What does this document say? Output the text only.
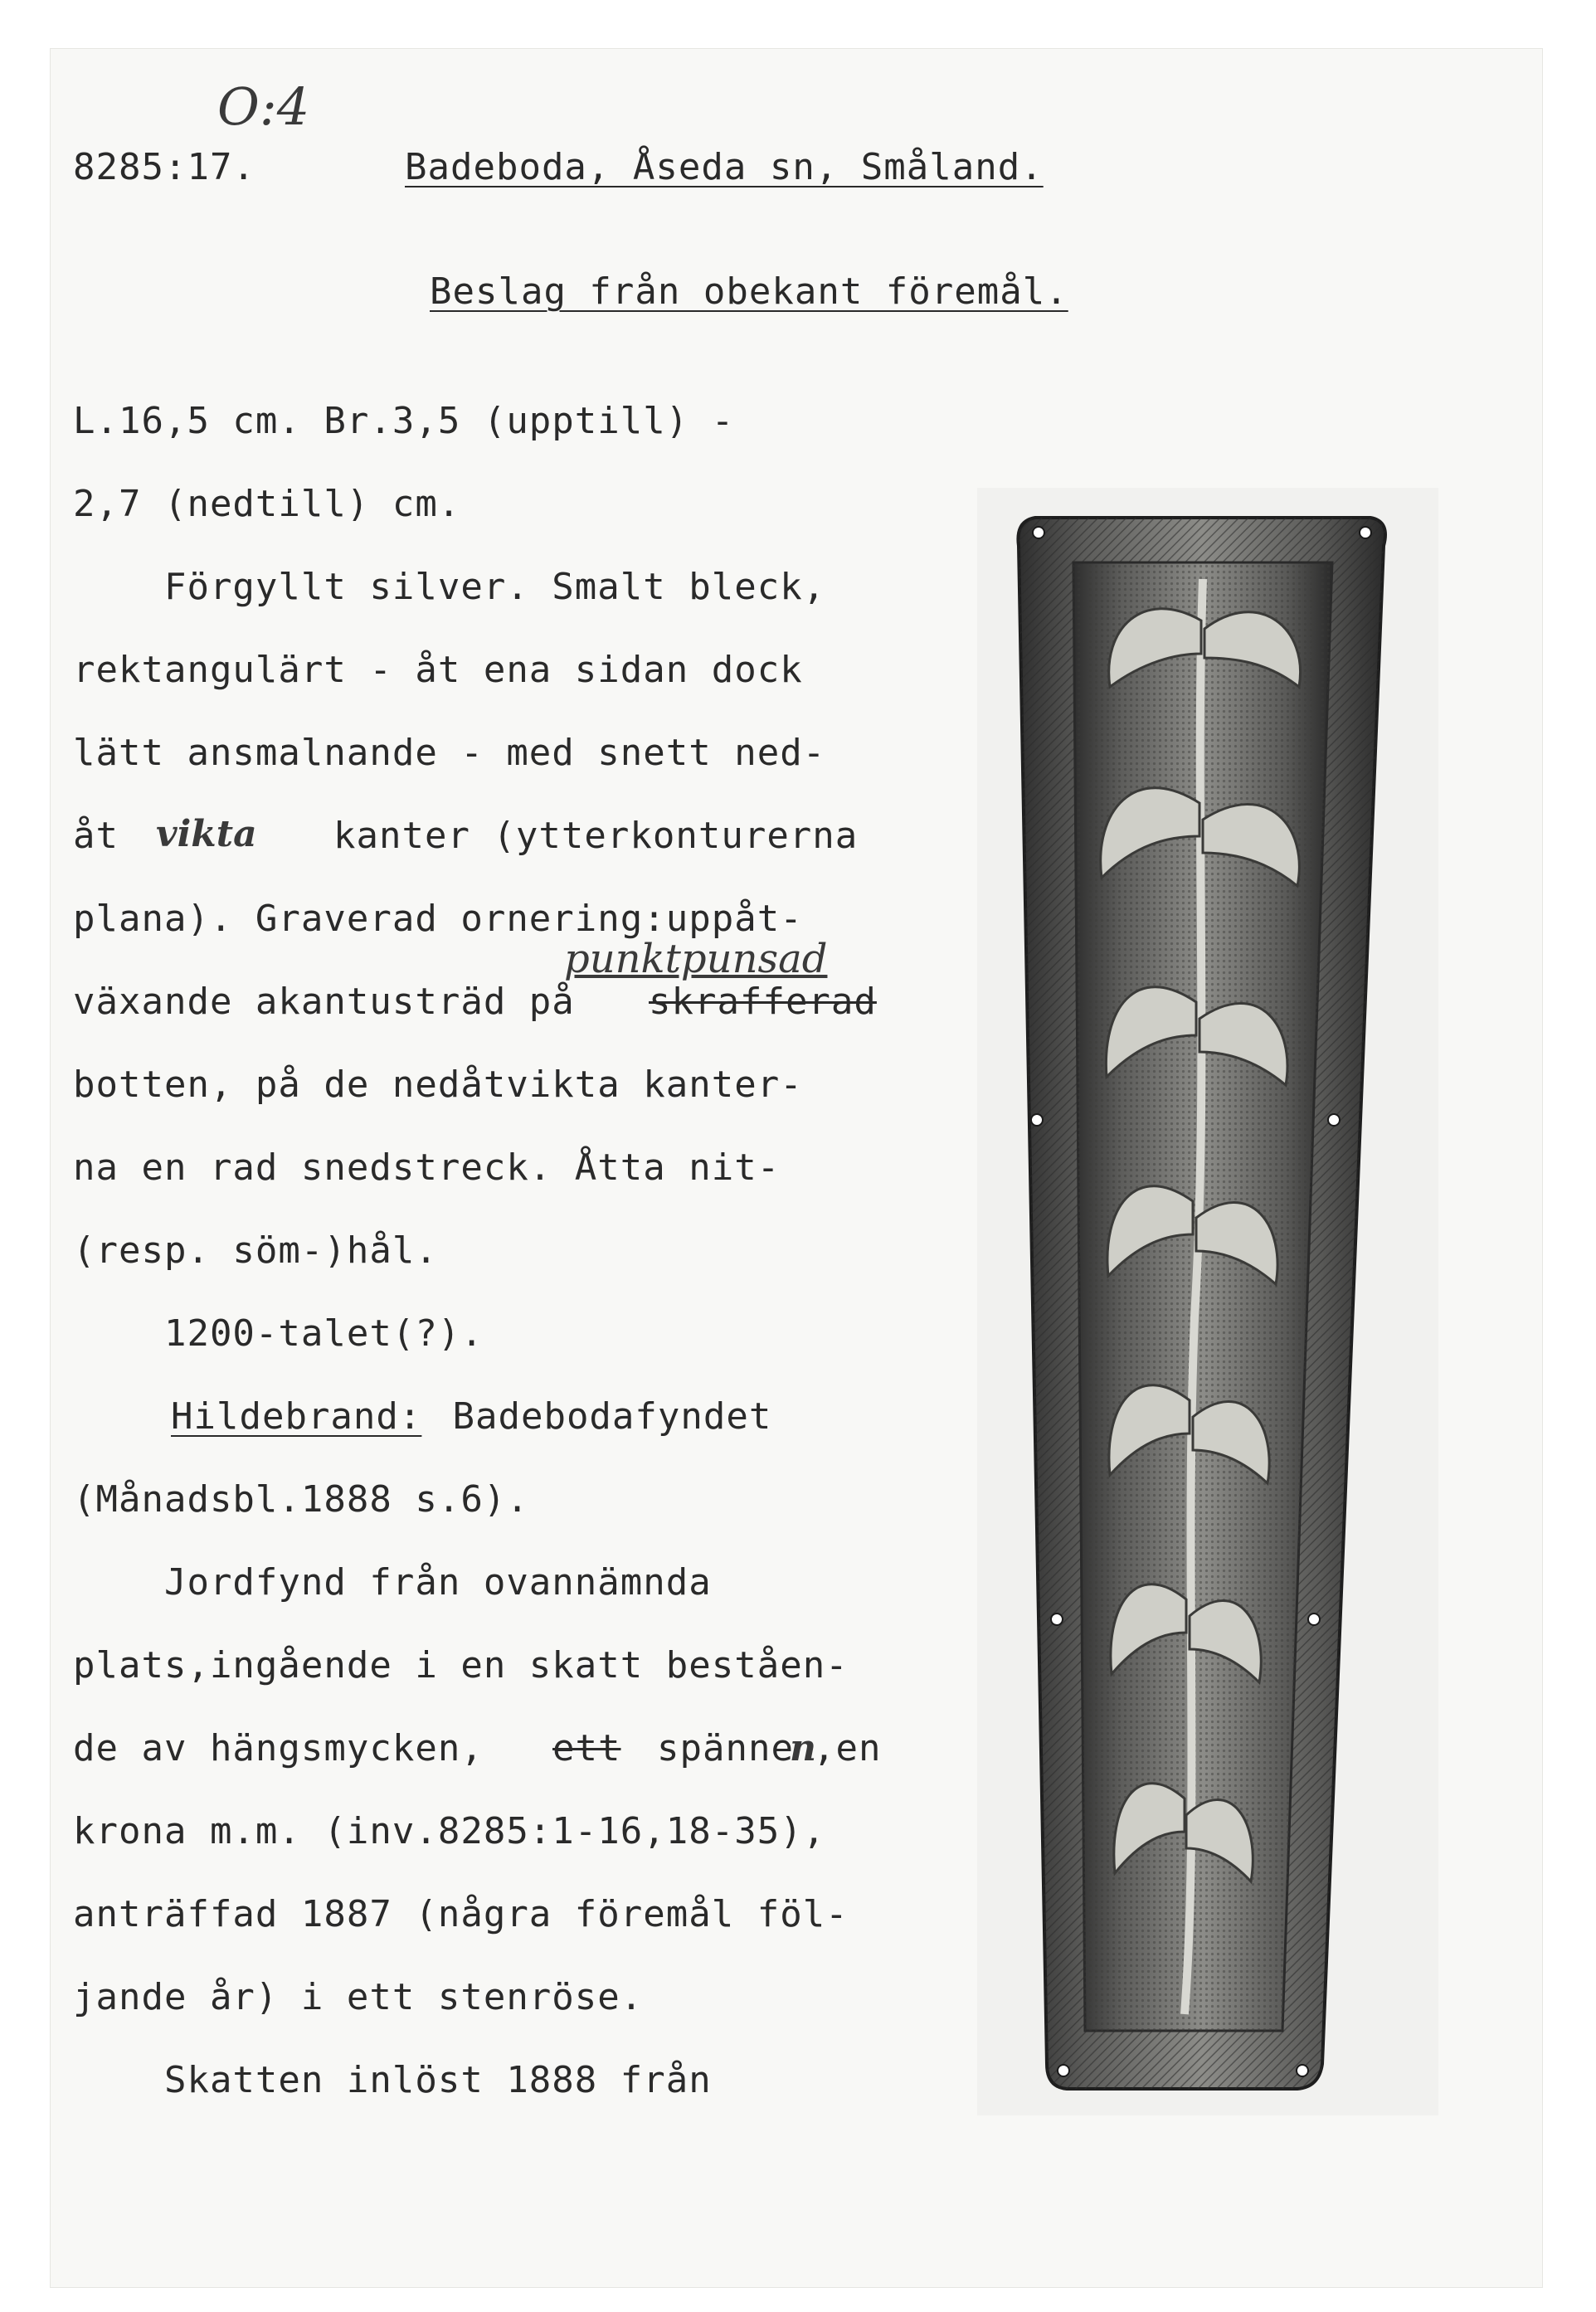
O:4
8285:17.	Badeboda, Åseda sn, Småland.
Beslag från obekant föremål.
L.16,5 cm. Br.3,5 (upptill) -
2,7 (nedtill) cm.
Förgyllt silver. Smalt bleck,
rektangulärt - åt ena sidan dock
lätt ansmalnande - med snett ned-
åt vikta kanter (ytterkonturerna
plana). Graverad ornering:uppåt-
punktpunsad
växande akantusträd på skrafferad
botten, på de nedåtvikta kanter-
na en rad snedstreck. Åtta nit-
(resp. söm-)hål.
1200-talet(?).
Hildebrand: Badebodafyndet
(Månadsbl.1888 s.6).
Jordfynd från ovannämnda
plats,ingående i en skatt beståen-
de av hängsmycken, ett spänne
n
,en
krona m.m. (inv.8285:1-16,18-35),
anträffad 1887 (några föremål föl-
jande år) i ett stenröse.
Skatten inlöst 1888 från
